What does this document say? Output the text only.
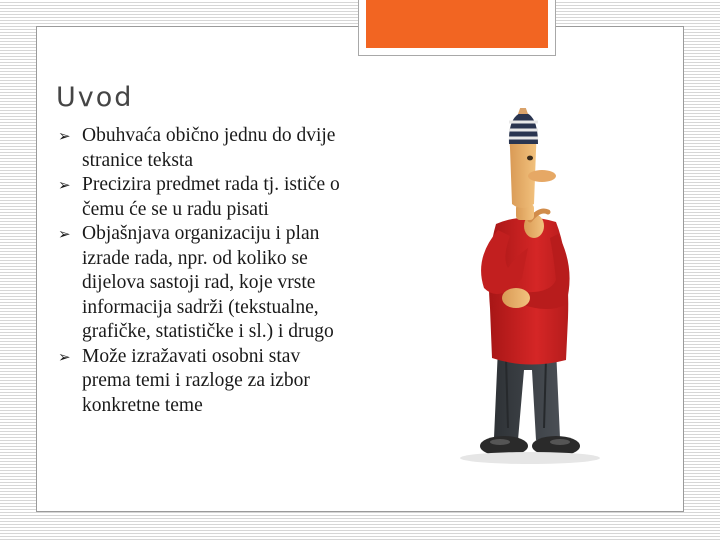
Uvod
➢ Obuhvaća obično jednu do dvije stranice teksta
➢ Precizira predmet rada tj. ističe o čemu će se u radu pisati
➢ Objašnjava organizaciju i plan izrade rada, npr. od koliko se dijelova sastoji rad, koje vrste informacija sadrži (tekstualne, grafičke, statističke i sl.) i drugo
➢ Može izražavati osobni stav prema temi i razloge za izbor konkretne teme
